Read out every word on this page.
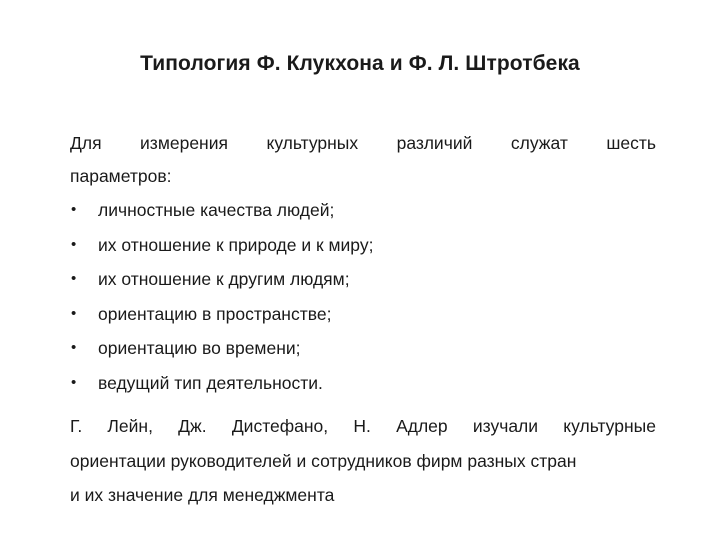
Типология Ф. Клукхона и Ф. Л. Штротбека
Для измерения культурных различий служат шесть
параметров:
• личностные качества людей;
• их отношение к природе и к миру;
• их отношение к другим людям;
• ориентацию в пространстве;
• ориентацию во времени;
• ведущий тип деятельности.
Г. Лейн, Дж. Дистефано, Н. Адлер изучали культурные
ориентации руководителей и сотрудников фирм разных стран
и их значение для менеджмента
